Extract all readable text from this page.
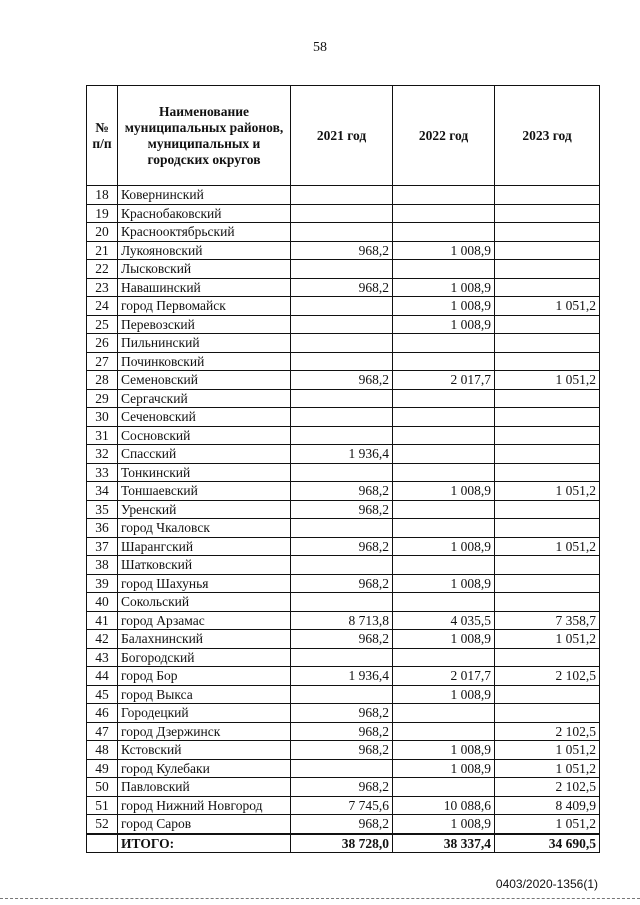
58
№ п/п	Наименование муниципальных районов, муниципальных и городских округов	2021 год	2022 год	2023 год
18	Ковернинский			
19	Краснобаковский			
20	Краснооктябрьский			
21	Лукояновский	968,2	1 008,9	
22	Лысковский			
23	Навашинский	968,2	1 008,9	
24	город Первомайск		1 008,9	1 051,2
25	Перевозский		1 008,9	
26	Пильнинский			
27	Починковский			
28	Семеновский	968,2	2 017,7	1 051,2
29	Сергачский			
30	Сеченовский			
31	Сосновский			
32	Спасский	1 936,4		
33	Тонкинский			
34	Тоншаевский	968,2	1 008,9	1 051,2
35	Уренский	968,2		
36	город Чкаловск			
37	Шарангский	968,2	1 008,9	1 051,2
38	Шатковский			
39	город Шахунья	968,2	1 008,9	
40	Сокольский			
41	город Арзамас	8 713,8	4 035,5	7 358,7
42	Балахнинский	968,2	1 008,9	1 051,2
43	Богородский			
44	город Бор	1 936,4	2 017,7	2 102,5
45	город Выкса		1 008,9	
46	Городецкий	968,2		
47	город Дзержинск	968,2		2 102,5
48	Кстовский	968,2	1 008,9	1 051,2
49	город Кулебаки		1 008,9	1 051,2
50	Павловский	968,2		2 102,5
51	город Нижний Новгород	7 745,6	10 088,6	8 409,9
52	город Саров	968,2	1 008,9	1 051,2
	ИТОГО:	38 728,0	38 337,4	34 690,5
0403/2020-1356(1)
